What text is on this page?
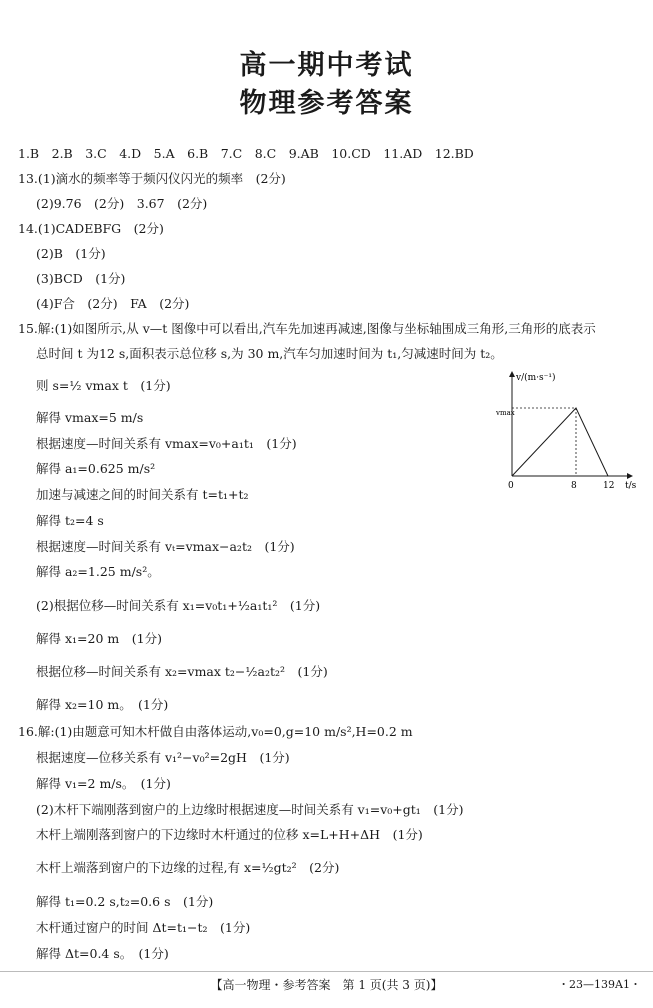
高一期中考试
物理参考答案
1.B　2.B　3.C　4.D　5.A　6.B　7.C　8.C　9.AB　10.CD　11.AD　12.BD
13.(1)滴水的频率等于频闪仪闪光的频率　(2分)
(2)9.76　(2分)　3.67　(2分)
14.(1)CADEBFG　(2分)
(2)B　(1分)
(3)BCD　(1分)
(4)F合　(2分)　FA　(2分)
15.解:(1)如图所示,从 v—t 图像中可以看出,汽车先加速再减速,图像与坐标轴围成三角形,三角形的底表示
总时间 t 为12 s,面积表示总位移 s,为 30 m,汽车匀加速时间为 t₁,匀减速时间为 t₂。
则 s=½ vmax t　(1分)
解得 vmax=5 m/s
根据速度—时间关系有 vmax=v₀+a₁t₁　(1分)
解得 a₁=0.625 m/s²
加速与减速之间的时间关系有 t=t₁+t₂
解得 t₂=4 s
根据速度—时间关系有 vₜ=vmax−a₂t₂　(1分)
解得 a₂=1.25 m/s²。
(2)根据位移—时间关系有 x₁=v₀t₁+½a₁t₁²　(1分)
解得 x₁=20 m　(1分)
根据位移—时间关系有 x₂=vmax t₂−½a₂t₂²　(1分)
解得 x₂=10 m。　(1分)
16.解:(1)由题意可知木杆做自由落体运动,v₀=0,g=10 m/s²,H=0.2 m
根据速度—位移关系有 v₁²−v₀²=2gH　(1分)
解得 v₁=2 m/s。　(1分)
(2)木杆下端刚落到窗户的上边缘时根据速度—时间关系有 v₁=v₀+gt₁　(1分)
木杆上端刚落到窗户的下边缘时木杆通过的位移 x=L+H+ΔH　(1分)
木杆上端落到窗户的下边缘的过程,有 x=½gt₂²　(2分)
解得 t₁=0.2 s,t₂=0.6 s　(1分)
木杆通过窗户的时间 Δt=t₁−t₂　(1分)
解得 Δt=0.4 s。　(1分)
v/(m·s⁻¹)
vmax
0	8	12 t/s
【高一物理・参考答案　第 1 页(共 3 页)】	・23—139A1・
